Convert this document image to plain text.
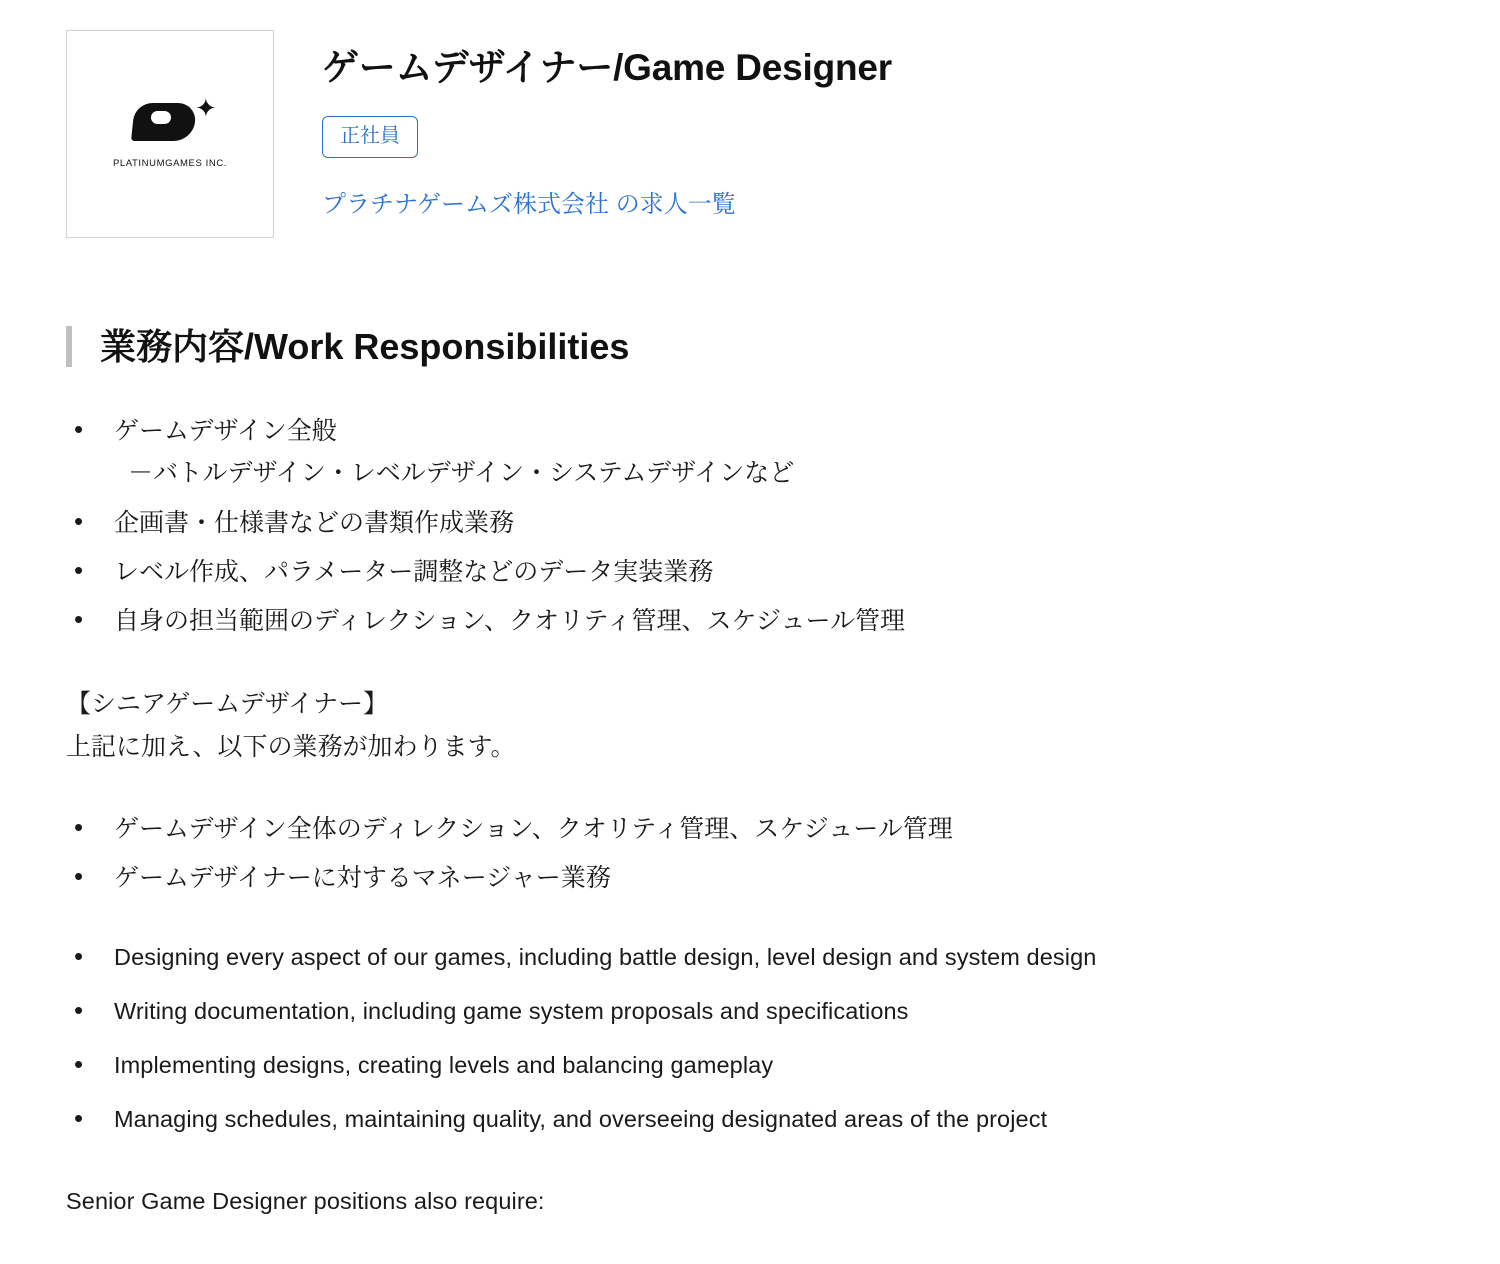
✦
PLATINUMGAMES INC.
ゲームデザイナー/Game Designer
正社員
プラチナゲームズ株式会社 の求人一覧
業務内容/Work Responsibilities
• ゲームデザイン全般
－バトルデザイン・レベルデザイン・システムデザインなど
• 企画書・仕様書などの書類作成業務
• レベル作成、パラメーター調整などのデータ実装業務
• 自身の担当範囲のディレクション、クオリティ管理、スケジュール管理

【シニアゲームデザイナー】

上記に加え、以下の業務が加わります。

• ゲームデザイン全体のディレクション、クオリティ管理、スケジュール管理
• ゲームデザイナーに対するマネージャー業務
• Designing every aspect of our games, including battle design, level design and system design
• Writing documentation, including game system proposals and specifications
• Implementing designs, creating levels and balancing gameplay
• Managing schedules, maintaining quality, and overseeing designated areas of the project

Senior Game Designer positions also require:
